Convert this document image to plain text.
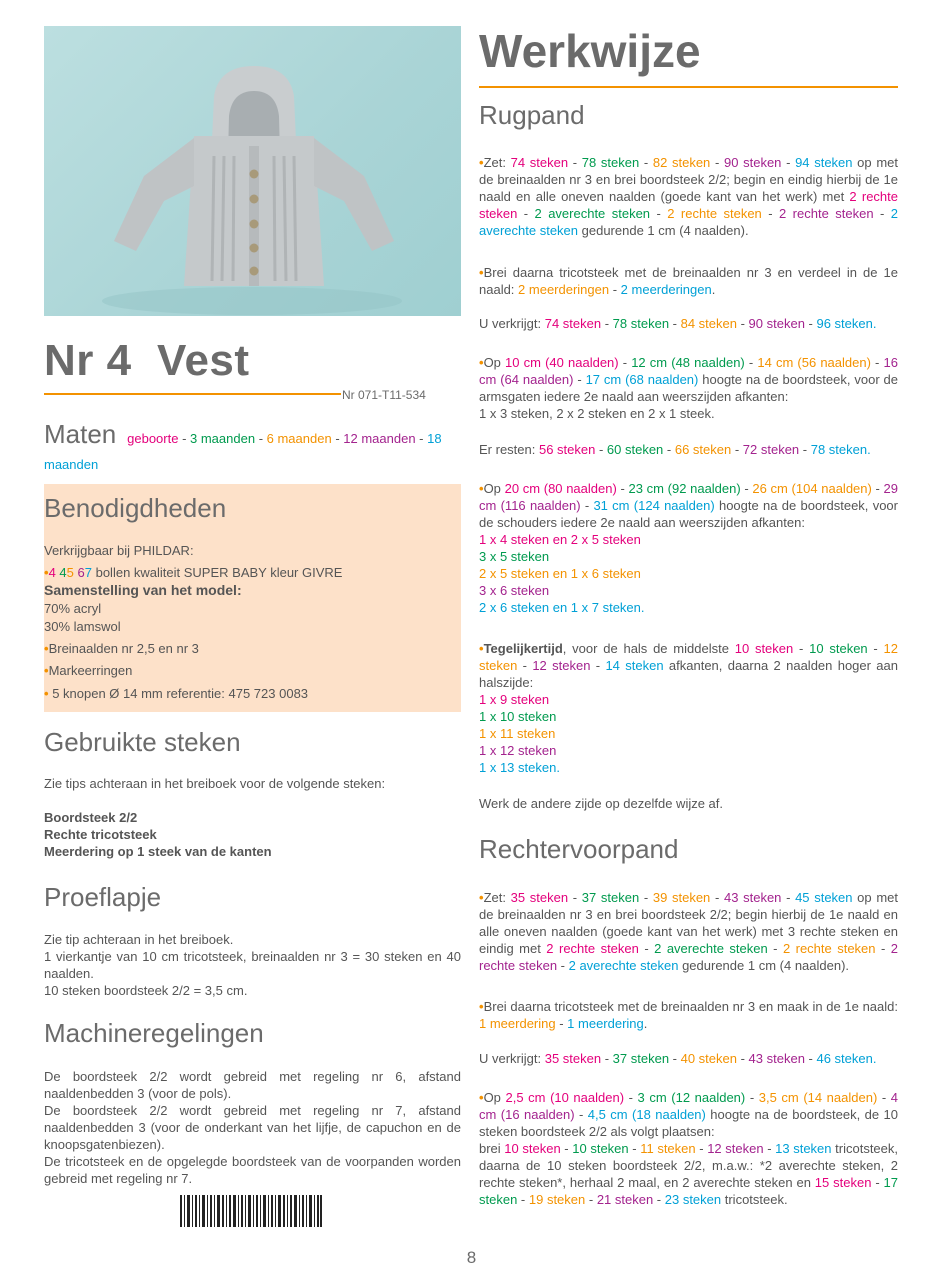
Nr 4  Vest
Nr 071-T11-534
Maten geboorte - 3 maanden - 6 maanden - 12 maanden - 18
maanden
Benodigdheden
Verkrijgbaar bij PHILDAR:
•4 45 67 bollen kwaliteit SUPER BABY kleur GIVRE
Samenstelling van het model:
70% acryl
30% lamswol
•Breinaalden nr 2,5 en nr 3
•Markeerringen
• 5 knopen Ø 14 mm referentie: 475 723 0083
Gebruikte steken
Zie tips achteraan in het breiboek voor de volgende steken:
Boordsteek 2/2
Rechte tricotsteek
Meerdering op 1 steek van de kanten
Proeflapje
Zie tip achteraan in het breiboek.
1 vierkantje van 10 cm tricotsteek, breinaalden nr 3 = 30 steken en 40 naalden.
10 steken boordsteek 2/2 = 3,5 cm.
Machineregelingen
De boordsteek 2/2 wordt gebreid met regeling nr 6, afstand naaldenbedden 3 (voor de pols).
De boordsteek 2/2 wordt gebreid met regeling nr 7, afstand naaldenbedden 3 (voor de onderkant van het lijfje, de capuchon en de knoopsgatenbiezen).
De tricotsteek en de opgelegde boordsteek van de voorpanden worden gebreid met regeling nr 7.
Werkwijze
Rugpand
•Zet: 74 steken - 78 steken - 82 steken - 90 steken - 94 steken op met de breinaalden nr 3 en brei boordsteek 2/2; begin en eindig hierbij de 1e naald en alle oneven naalden (goede kant van het werk) met 2 rechte steken - 2 averechte steken - 2 rechte steken - 2 rechte steken - 2 averechte steken gedurende 1 cm (4 naalden).
•Brei daarna tricotsteek met de breinaalden nr 3 en verdeel in de 1e naald: 2 meerderingen - 2 meerderingen.
U verkrijgt: 74 steken - 78 steken - 84 steken - 90 steken - 96 steken.
•Op 10 cm (40 naalden) - 12 cm (48 naalden) - 14 cm (56 naalden) - 16 cm (64 naalden) - 17 cm (68 naalden) hoogte na de boordsteek, voor de armsgaten iedere 2e naald aan weerszijden afkanten:
1 x 3 steken, 2 x 2 steken en 2 x 1 steek.
Er resten: 56 steken - 60 steken - 66 steken - 72 steken - 78 steken.
•Op 20 cm (80 naalden) - 23 cm (92 naalden) - 26 cm (104 naalden) - 29 cm (116 naalden) - 31 cm (124 naalden) hoogte na de boordsteek, voor de schouders iedere 2e naald aan weerszijden afkanten:
1 x 4 steken en 2 x 5 steken
3 x 5 steken
2 x 5 steken en 1 x 6 steken
3 x 6 steken
2 x 6 steken en 1 x 7 steken.
•Tegelijkertijd, voor de hals de middelste 10 steken - 10 steken - 12 steken - 12 steken - 14 steken afkanten, daarna 2 naalden hoger aan halszijde:
1 x 9 steken
1 x 10 steken
1 x 11 steken
1 x 12 steken
1 x 13 steken.
Werk de andere zijde op dezelfde wijze af.
Rechtervoorpand
•Zet: 35 steken - 37 steken - 39 steken - 43 steken - 45 steken op met de breinaalden nr 3 en brei boordsteek 2/2; begin hierbij de 1e naald en alle oneven naalden (goede kant van het werk) met 3 rechte steken en eindig met 2 rechte steken - 2 averechte steken - 2 rechte steken - 2 rechte steken - 2 averechte steken gedurende 1 cm (4 naalden).
•Brei daarna tricotsteek met de breinaalden nr 3 en maak in de 1e naald: 1 meerdering - 1 meerdering.
U verkrijgt: 35 steken - 37 steken - 40 steken - 43 steken - 46 steken.
•Op 2,5 cm (10 naalden) - 3 cm (12 naalden) - 3,5 cm (14 naalden) - 4 cm (16 naalden) - 4,5 cm (18 naalden) hoogte na de boordsteek, de 10 steken boordsteek 2/2 als volgt plaatsen:
brei 10 steken - 10 steken - 11 steken - 12 steken - 13 steken tricotsteek, daarna de 10 steken boordsteek 2/2, m.a.w.: *2 averechte steken, 2 rechte steken*, herhaal 2 maal, en 2 averechte steken en 15 steken - 17 steken - 19 steken - 21 steken - 23 steken tricotsteek.
8
